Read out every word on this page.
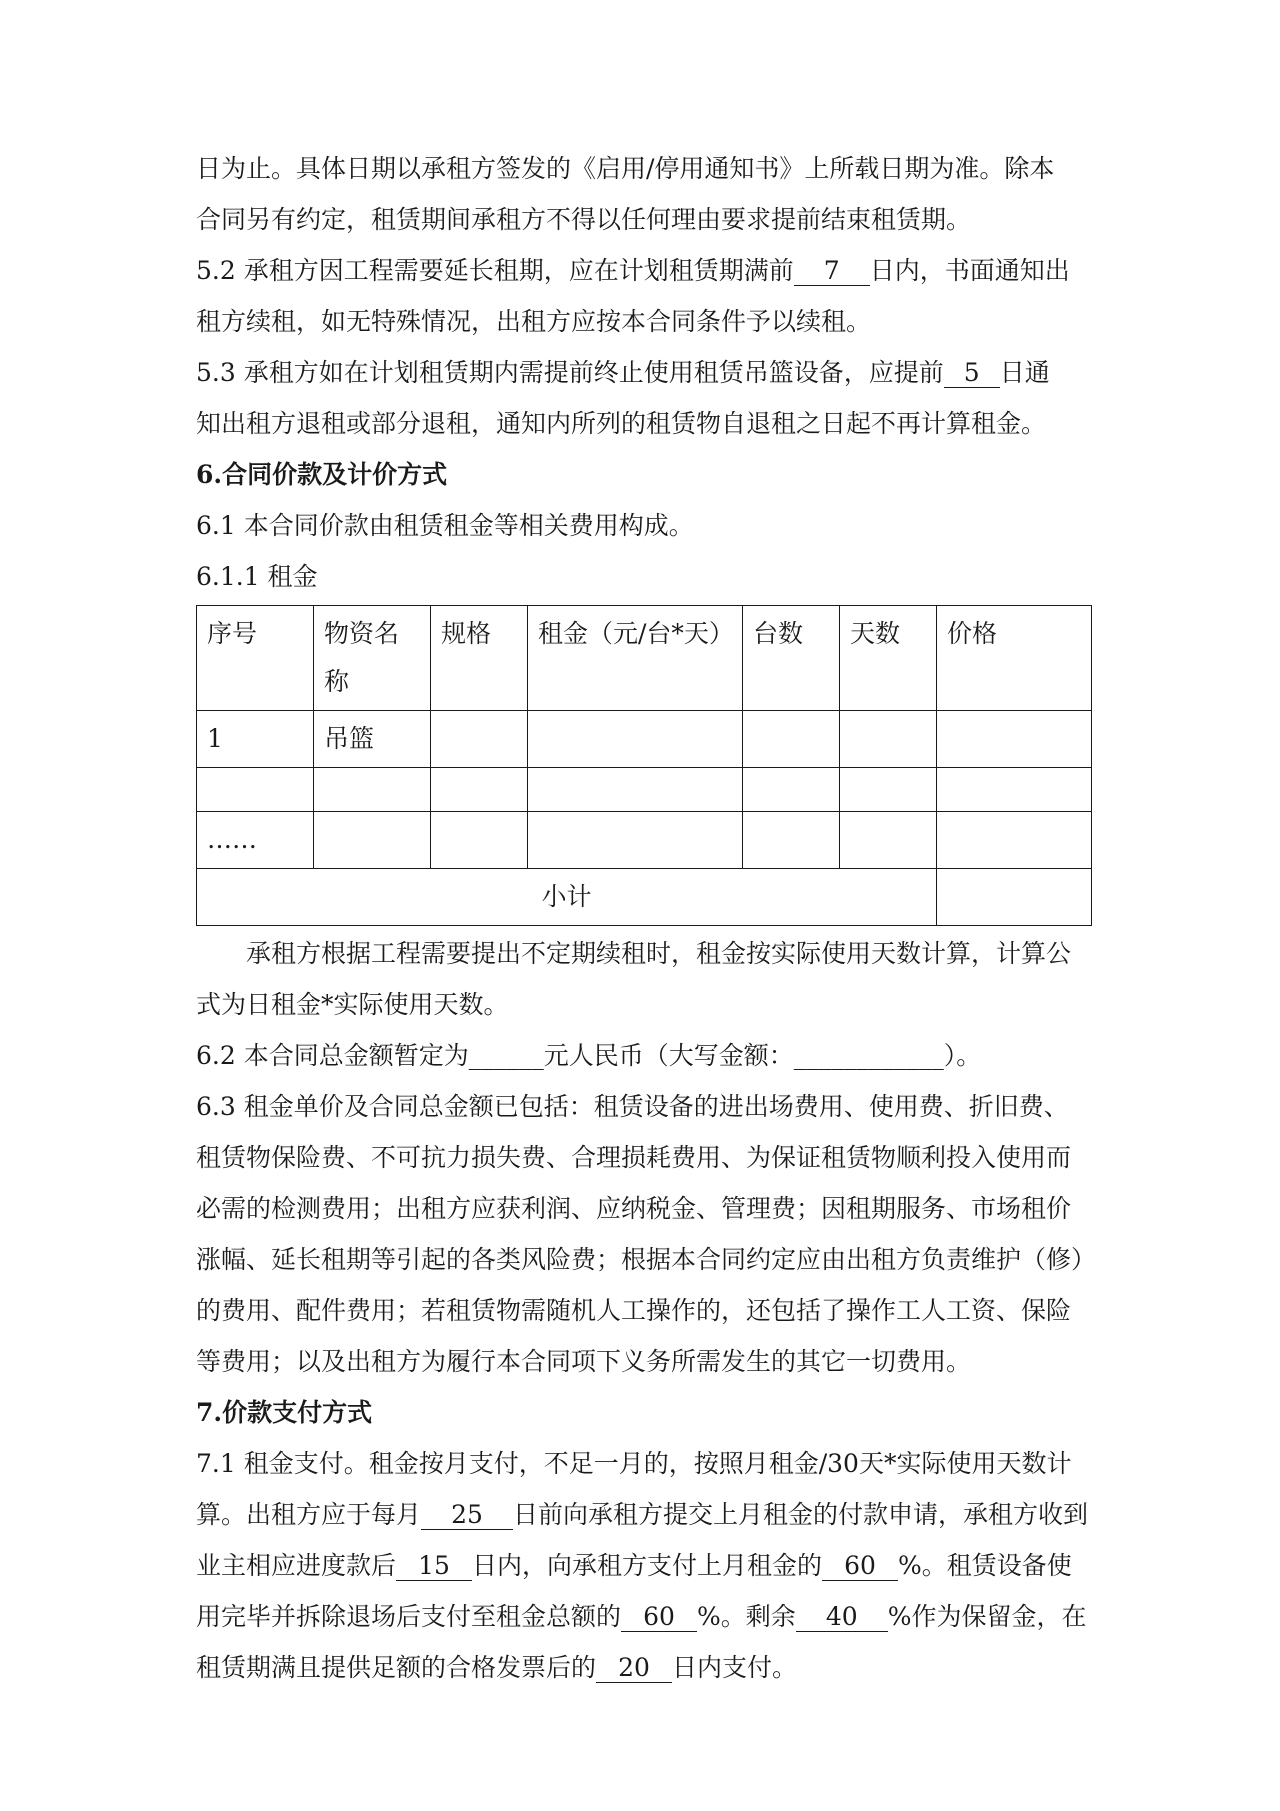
日为止。具体日期以承租方签发的《启用/停用通知书》上所载日期为准。除本
合同另有约定，租赁期间承租方不得以任何理由要求提前结束租赁期。
5.2 承租方因工程需要延长租期，应在计划租赁期满前 7 日内，书面通知出
租方续租，如无特殊情况，出租方应按本合同条件予以续租。
5.3 承租方如在计划租赁期内需提前终止使用租赁吊篮设备，应提前 5 日通
知出租方退租或部分退租，通知内所列的租赁物自退租之日起不再计算租金。
6.合同价款及计价方式
6.1 本合同价款由租赁租金等相关费用构成。
6.1.1 租金
序号	物资名称	规格	租金（元/台*天）	台数	天数	价格
1	吊篮					

……						
小计						
承租方根据工程需要提出不定期续租时，租金按实际使用天数计算，计算公
式为日租金*实际使用天数。
6.2 本合同总金额暂定为______元人民币（大写金额：____________）。
6.3 租金单价及合同总金额已包括：租赁设备的进出场费用、使用费、折旧费、
租赁物保险费、不可抗力损失费、合理损耗费用、为保证租赁物顺利投入使用而
必需的检测费用；出租方应获利润、应纳税金、管理费；因租期服务、市场租价
涨幅、延长租期等引起的各类风险费；根据本合同约定应由出租方负责维护（修）
的费用、配件费用；若租赁物需随机人工操作的，还包括了操作工人工资、保险
等费用；以及出租方为履行本合同项下义务所需发生的其它一切费用。
7.价款支付方式
7.1 租金支付。租金按月支付，不足一月的，按照月租金/30天*实际使用天数计
算。出租方应于每月 25 日前向承租方提交上月租金的付款申请，承租方收到
业主相应进度款后 15 日内，向承租方支付上月租金的 60 %。租赁设备使
用完毕并拆除退场后支付至租金总额的 60 %。剩余 40 %作为保留金，在
租赁期满且提供足额的合格发票后的 20 日内支付。
